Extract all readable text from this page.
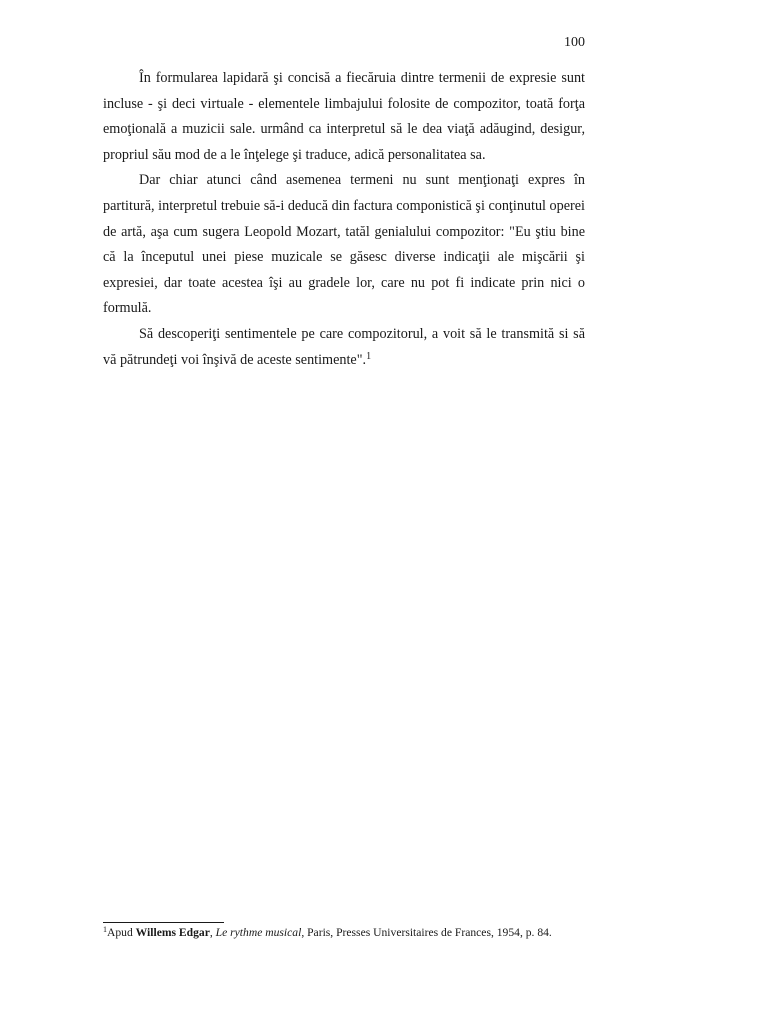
100

În formularea lapidară şi concisă a fiecăruia dintre termenii de expresie sunt incluse - şi deci virtuale - elementele limbajului folosite de compozitor, toată forţa emoţională a muzicii sale. urmând ca interpretul să le dea viaţă adăugind, desigur, propriul său mod de a le înţelege şi traduce, adică personalitatea sa.

Dar chiar atunci când asemenea termeni nu sunt menţionaţi expres în partitură, interpretul trebuie să-i deducă din factura componistică şi conţinutul operei de artă, aşa cum sugera Leopold Mozart, tatăl genialului compozitor: "Eu ştiu bine că la începutul unei piese muzicale se găsesc diverse indicaţii ale mişcării şi expresiei, dar toate acestea îşi au gradele lor, care nu pot fi indicate prin nici o formulă.

Să descoperiţi sentimentele pe care compozitorul, a voit să le transmită si să vă pătrundeţi voi înşivă de aceste sentimente".$^1$

$^1$Apud Willems Edgar, Le rythme musical, Paris, Presses Universitaires de Frances, 1954, p. 84.
